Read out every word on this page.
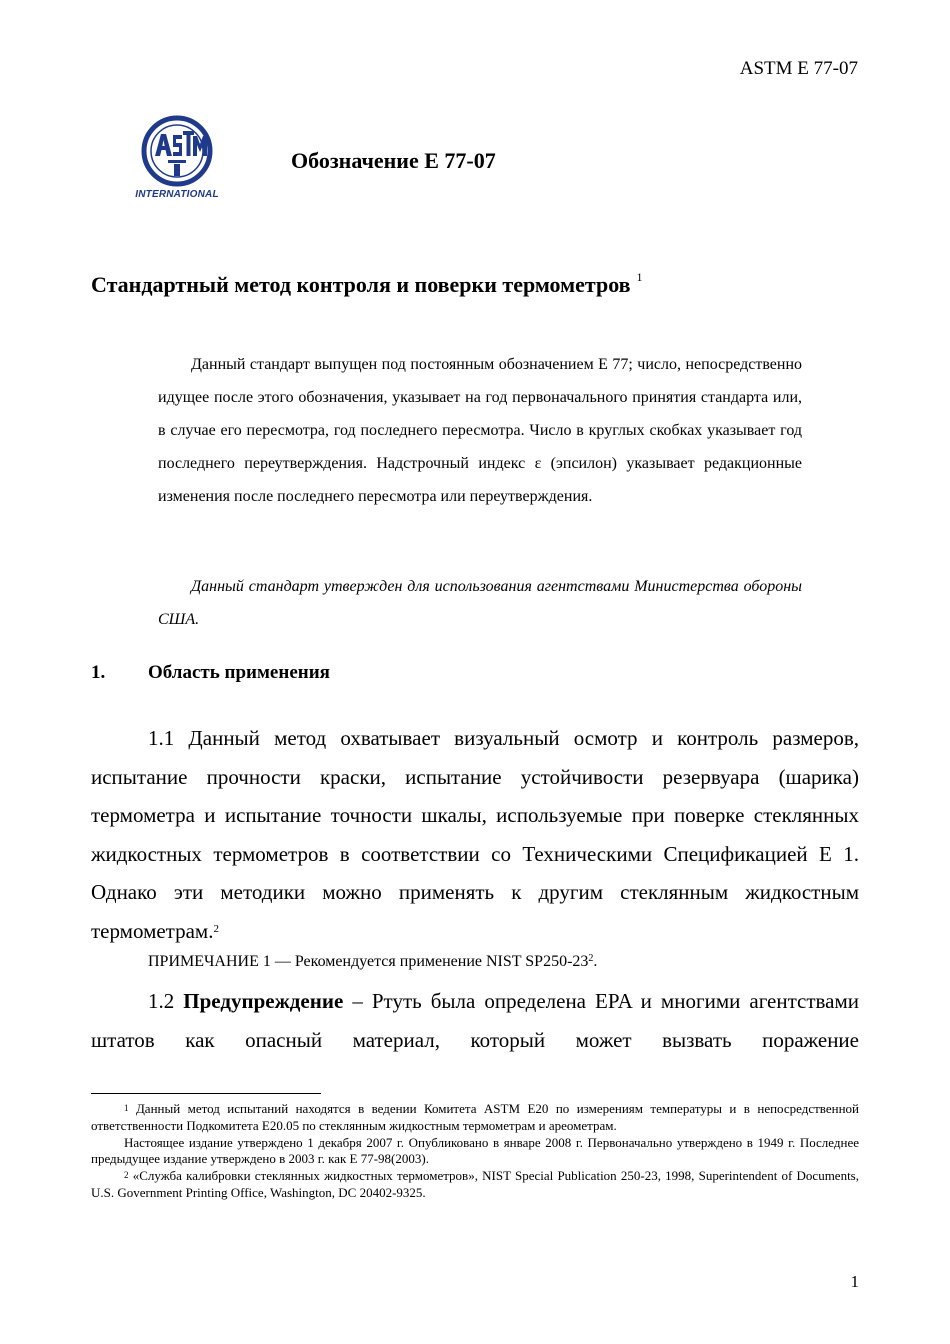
ASTM E 77-07
INTERNATIONAL
Обозначение Е 77-07
Стандартный метод контроля и поверки термометров $^1$

Данный стандарт выпущен под постоянным обозначением Е 77; число, непосредственно идущее после этого обозначения, указывает на год первоначального принятия стандарта или, в случае его пересмотра, год последнего пересмотра. Число в круглых скобках указывает год последнего переутверждения. Надстрочный индекс ε (эпсилон) указывает редакционные изменения после последнего пересмотра или переутверждения.

Данный стандарт утвержден для использования агентствами Министерства обороны США.

1. Область применения

1.1 Данный метод охватывает визуальный осмотр и контроль размеров, испытание прочности краски, испытание устойчивости резервуара (шарика) термометра и испытание точности шкалы, используемые при поверке стеклянных жидкостных термометров в соответствии со Техническими Спецификацией Е 1. Однако эти методики можно применять к другим стеклянным жидкостным термометрам.$^2$

ПРИМЕЧАНИЕ 1 ― Рекомендуется применение NIST $SP250-23^2$.

1.2 Предупреждение – Ртуть была определена EPA и многими агентствами штатов как опасный материал, который может вызвать поражение

$^1$ Данный метод испытаний находятся в ведении Комитета ASTM E20 по измерениям температуры и в непосредственной ответственности Подкомитета E20.05 по стеклянным жидкостным термометрам и ареометрам.

Настоящее издание утверждено 1 декабря 2007 г. Опубликовано в январе 2008 г. Первоначально утверждено в 1949 г. Последнее предыдущее издание утверждено в 2003 г. как E 77-98(2003).

$^2$ «Служба калибровки стеклянных жидкостных термометров», NIST Special Publication 250-23, 1998, Superintendent of Documents, U.S. Government Printing Office, Washington, DC 20402-9325.

1
